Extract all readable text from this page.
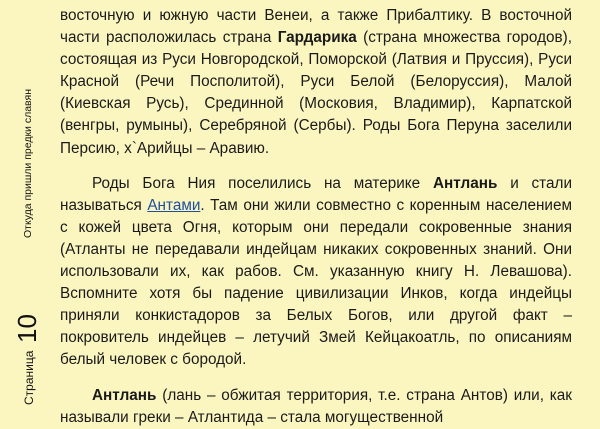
Откуда пришли предки славян
Страница
10

восточную и южную части Венеи, а также Прибалтику. В восточной части расположилась страна Гардарика (страна множества городов), состоящая из Руси Новгородской, Поморской (Латвия и Пруссия), Руси Красной (Речи Посполитой), Руси Белой (Белоруссия), Малой (Киевская Русь), Срединной (Московия, Владимир), Карпатской (венгры, румыны), Серебряной (Сербы). Роды Бога Перуна заселили Персию, х`Арийцы – Аравию.

Роды Бога Ния поселились на материке Антлань и стали называться Антами. Там они жили совместно с коренным населением с кожей цвета Огня, которым они передали сокровенные знания (Атланты не передавали индейцам никаких сокровенных знаний. Они использовали их, как рабов. См. указанную книгу Н. Левашова). Вспомните хотя бы падение цивилизации Инков, когда индейцы приняли конкистадоров за Белых Богов, или другой факт – покровитель индейцев – летучий Змей Кейцакоатль, по описаниям белый человек с бородой.

Антлань (лань – обжитая территория, т.е. страна Антов) или, как называли греки – Атлантида – стала могущественной
